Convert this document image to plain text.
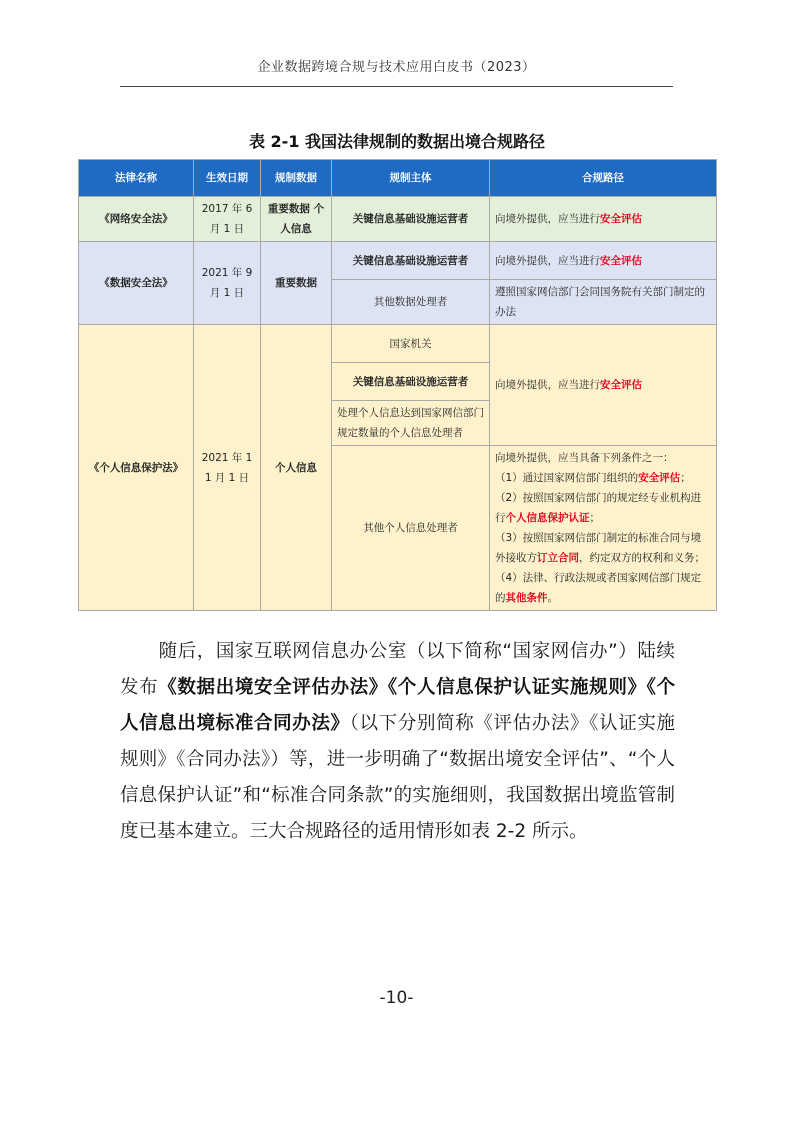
企业数据跨境合规与技术应用白皮书（2023）
表 2-1 我国法律规制的数据出境合规路径
法律名称	生效日期	规制数据	规制主体	合规路径
《网络安全法》	2017 年 6 月 1 日	重要数据 个人信息	关键信息基础设施运营者	向境外提供，应当进行安全评估
《数据安全法》	2021 年 9 月 1 日	重要数据	关键信息基础设施运营者	向境外提供，应当进行安全评估
			其他数据处理者	遵照国家网信部门会同国务院有关部门制定的办法
《个人信息保护法》	2021 年 11 月 1 日	个人信息	国家机关	向境外提供，应当进行安全评估
			关键信息基础设施运营者	
			处理个人信息达到国家网信部门规定数量的个人信息处理者	
			其他个人信息处理者	向境外提供，应当具备下列条件之一：
（1）通过国家网信部门组织的安全评估；
（2）按照国家网信部门的规定经专业机构进行个人信息保护认证；
（3）按照国家网信部门制定的标准合同与境外接收方订立合同，约定双方的权利和义务；
（4）法律、行政法规或者国家网信部门规定的其他条件。
随后，国家互联网信息办公室（以下简称“国家网信办”）陆续发布《数据出境安全评估办法》《个人信息保护认证实施规则》《个人信息出境标准合同办法》（以下分别简称《评估办法》《认证实施规则》《合同办法》）等，进一步明确了“数据出境安全评估”、“个人信息保护认证”和“标准合同条款”的实施细则，我国数据出境监管制度已基本建立。三大合规路径的适用情形如表 2-2 所示。
-10-
